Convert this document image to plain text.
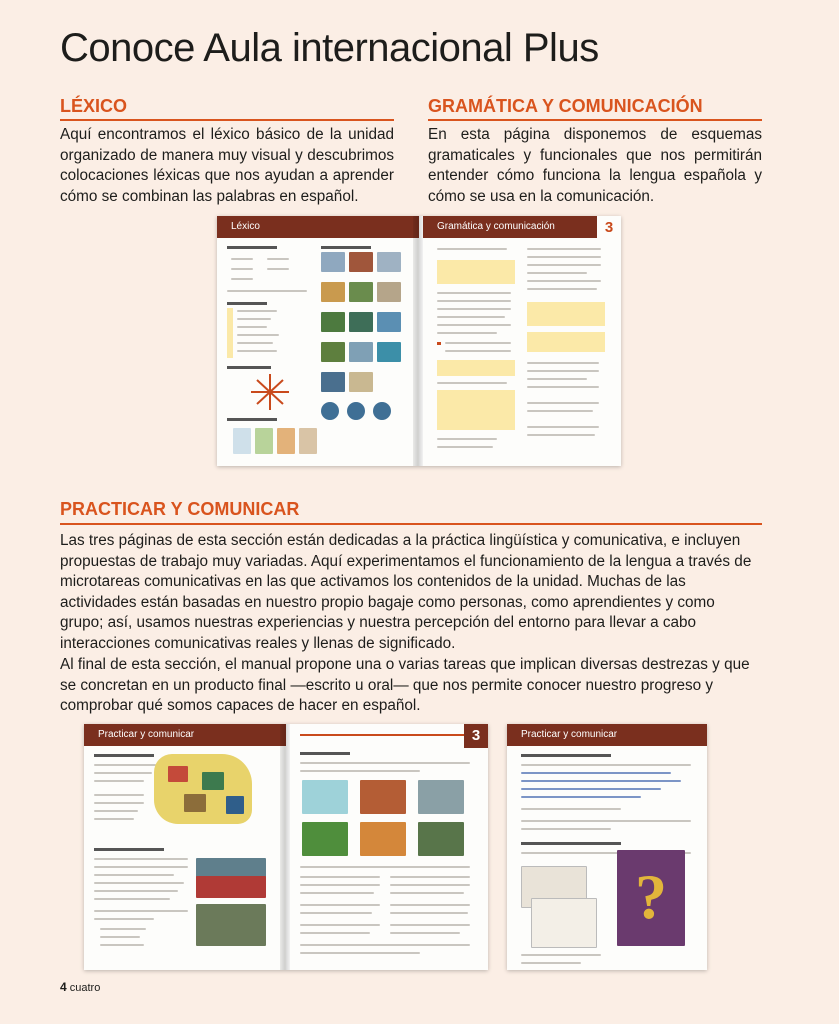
Conoce Aula internacional Plus
LÉXICO

Aquí encontramos el léxico básico de la unidad organizado de manera muy visual y descubrimos colocaciones léxicas que nos ayudan a aprender cómo se combinan las palabras en español.

GRAMÁTICA Y COMUNICACIÓN

En esta página disponemos de esquemas gramaticales y funcionales que nos permitirán entender cómo funciona la lengua española y cómo se usa en la comunicación.

Léxico	Gramática y comunicación	3
PRACTICAR Y COMUNICAR

Las tres páginas de esta sección están dedicadas a la práctica lingüística y comunicativa, e incluyen propuestas de trabajo muy variadas. Aquí experimentamos el funcionamiento de la lengua a través de microtareas comunicativas en las que activamos los contenidos de la unidad. Muchas de las actividades están basadas en nuestro propio bagaje como personas, como aprendientes y como grupo; así, usamos nuestras experiencias y nuestra percepción del entorno para llevar a cabo interacciones comunicativas reales y llenas de significado.

Al final de esta sección, el manual propone una o varias tareas que implican diversas destrezas y que se concretan en un producto final —escrito u oral— que nos permite conocer nuestro progreso y comprobar qué somos capaces de hacer en español.

Practicar y comunicar	3	Practicar y comunicar
?
4 cuatro
